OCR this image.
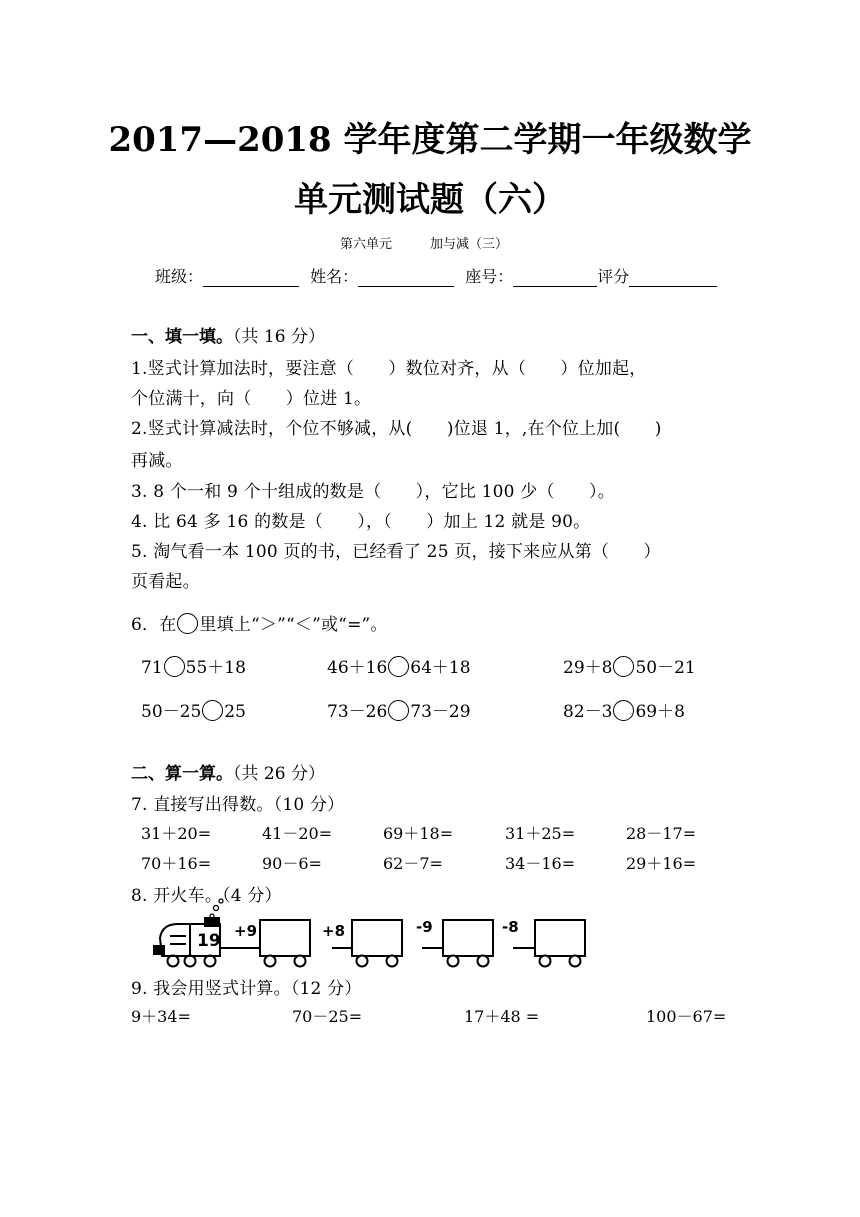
2017—2018 学年度第二学期一年级数学
单元测试题（六）
第六单元	加与减（三）
班级：	姓名：	座号：	评分
一、填一填。（共 16 分）
1.竖式计算加法时，要注意（　　）数位对齐，从（　　）位加起，
个位满十，向（　　）位进 1。
2.竖式计算减法时，个位不够减，从(　　)位退 1，,在个位上加(　　)
再减。
3. 8 个一和 9 个十组成的数是（　　），它比 100 少（　　）。
4. 比 64 多 16 的数是（　　），（　　）加上 12 就是 90。
5. 淘气看一本 100 页的书，已经看了 25 页，接下来应从第（　　）
页看起。
6．在 里填上“＞”“＜”或“=”。
71 55＋18	46＋16 64＋18	29＋8 50－21
50－25 25	73－26 73－29	82－3 69＋8
二、算一算。（共 26 分）
7. 直接写出得数。（10 分）
31＋20=	41－20=	69＋18=	31＋25=	28－17=
70＋16=	90－6=	62－7=	34－16=	29＋16=
8. 开火车。（4 分）
19 +9	+8	-9	-8
9. 我会用竖式计算。（12 分）
9＋34=	70－25=	17＋48 =	100－67=
